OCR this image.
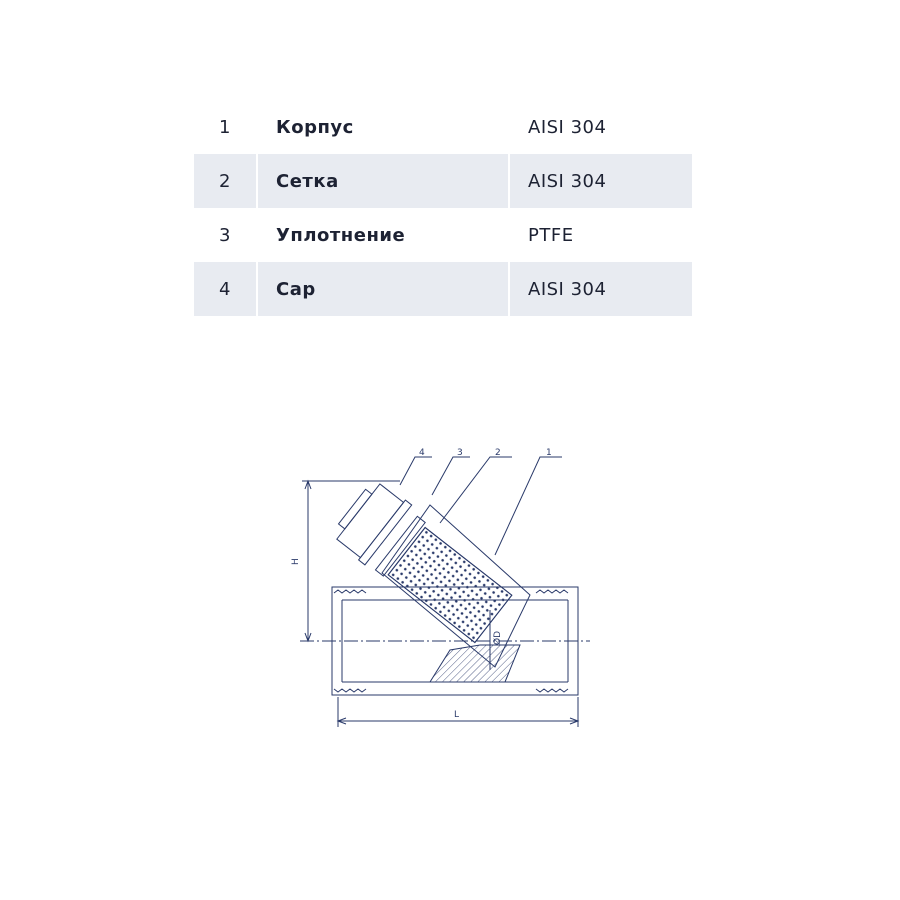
1	Корпус	AISI 304
2	Сетка	AISI 304
3	Уплотнение	PTFE
4	Cap	AISI 304
4	3	2	1
H
L
ØD
